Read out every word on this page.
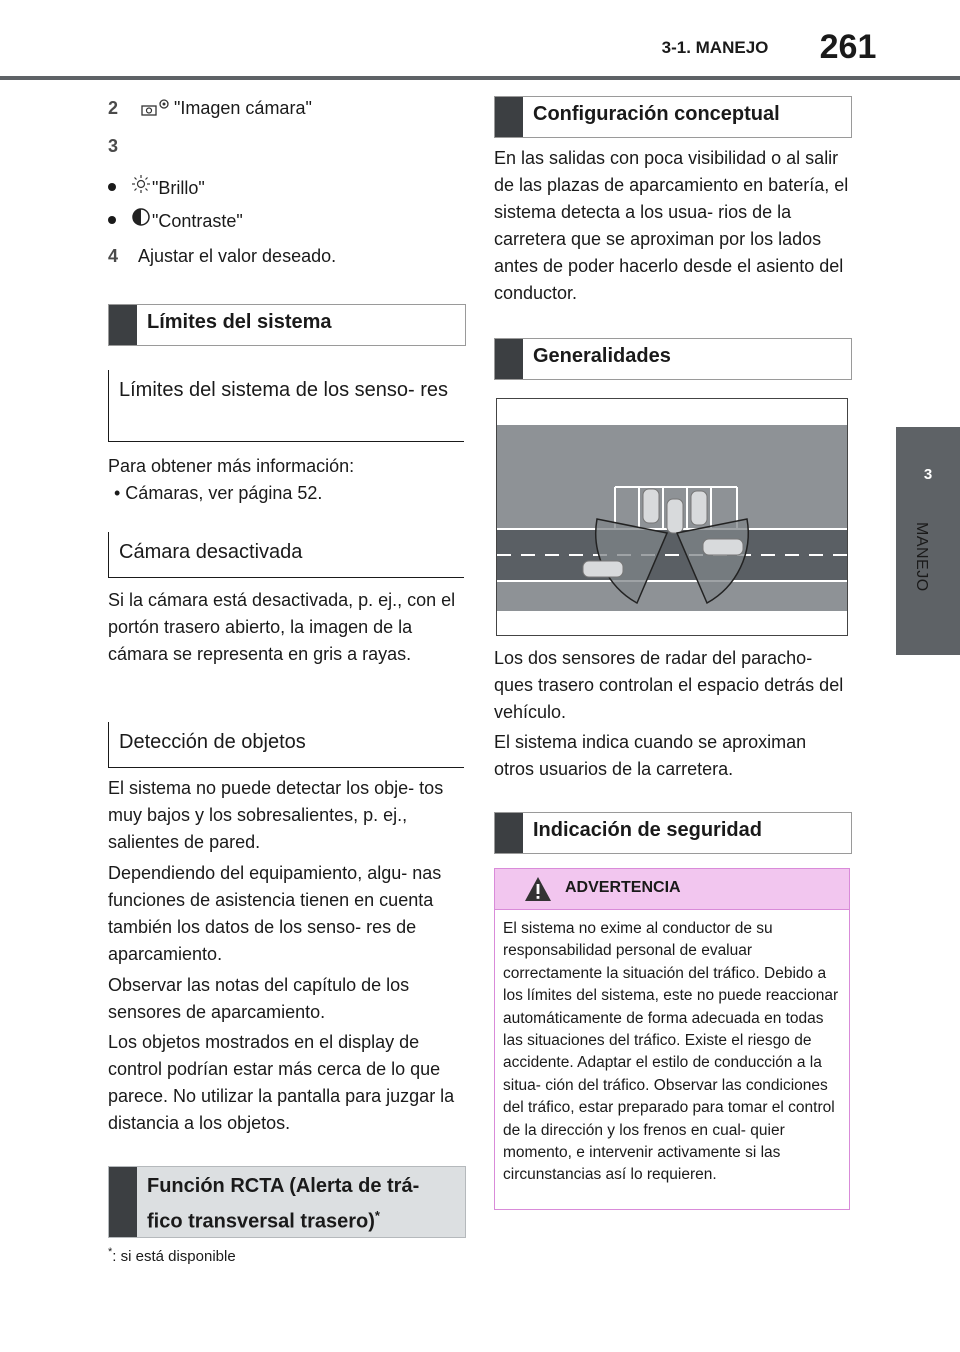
3-1. MANEJO	261
3
MANEJO
2	"Imagen cámara"
3
"Brillo"
"Contraste"
4 Ajustar el valor deseado.
Límites del sistema
Límites del sistema de los senso- res
Para obtener más información:
• Cámaras, ver página 52.
Cámara desactivada
Si la cámara está desactivada, p. ej., con el portón trasero abierto, la imagen de la cámara se representa en gris a rayas.
Detección de objetos
El sistema no puede detectar los obje- tos muy bajos y los sobresalientes, p. ej., salientes de pared.
Dependiendo del equipamiento, algu- nas funciones de asistencia tienen en cuenta también los datos de los senso- res de aparcamiento.
Observar las notas del capítulo de los sensores de aparcamiento.
Los objetos mostrados en el display de control podrían estar más cerca de lo que parece. No utilizar la pantalla para juzgar la distancia a los objetos.
Función RCTA (Alerta de trá- fico transversal trasero)*
*: si está disponible
Configuración conceptual
En las salidas con poca visibilidad o al salir de las plazas de aparcamiento en batería, el sistema detecta a los usua- rios de la carretera que se aproximan por los lados antes de poder hacerlo desde el asiento del conductor.
Generalidades
Los dos sensores de radar del paracho- ques trasero controlan el espacio detrás del vehículo.
El sistema indica cuando se aproximan otros usuarios de la carretera.
Indicación de seguridad
ADVERTENCIA
El sistema no exime al conductor de su responsabilidad personal de evaluar correctamente la situación del tráfico. Debido a los límites del sistema, este no puede reaccionar automáticamente de forma adecuada en todas las situaciones del tráfico. Existe el riesgo de accidente. Adaptar el estilo de conducción a la situa- ción del tráfico. Observar las condiciones del tráfico, estar preparado para tomar el control de la dirección y los frenos en cual- quier momento, e intervenir activamente si las circunstancias así lo requieren.
